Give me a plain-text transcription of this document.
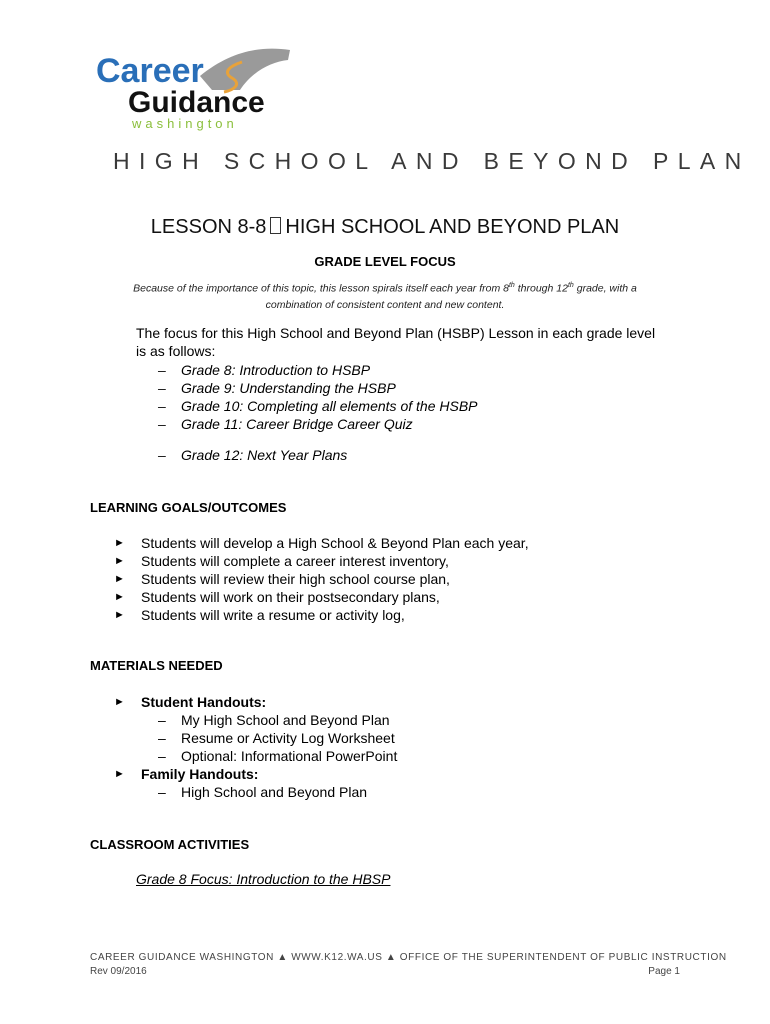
Career
Guidance
washington
HIGH SCHOOL AND BEYOND PLAN
LESSON 8-8 HIGH SCHOOL AND BEYOND PLAN
GRADE LEVEL FOCUS
Because of the importance of this topic, this lesson spirals itself each year from 8th through 12th grade, with a combination of consistent content and new content.
The focus for this High School and Beyond Plan (HSBP) Lesson in each grade level is as follows:
– Grade 8: Introduction to HSBP
– Grade 9: Understanding the HSBP
– Grade 10: Completing all elements of the HSBP
– Grade 11: Career Bridge Career Quiz
– Grade 12: Next Year Plans
LEARNING GOALS/OUTCOMES
► Students will develop a High School & Beyond Plan each year,
► Students will complete a career interest inventory,
► Students will review their high school course plan,
► Students will work on their postsecondary plans,
► Students will write a resume or activity log,
MATERIALS NEEDED
► Student Handouts:
– My High School and Beyond Plan
– Resume or Activity Log Worksheet
– Optional: Informational PowerPoint
► Family Handouts:
– High School and Beyond Plan
CLASSROOM ACTIVITIES
Grade 8 Focus: Introduction to the HBSP
CAREER GUIDANCE WASHINGTON ▲ WWW.K12.WA.US ▲ OFFICE OF THE SUPERINTENDENT OF PUBLIC INSTRUCTION
Rev 09/2016	Page 1
